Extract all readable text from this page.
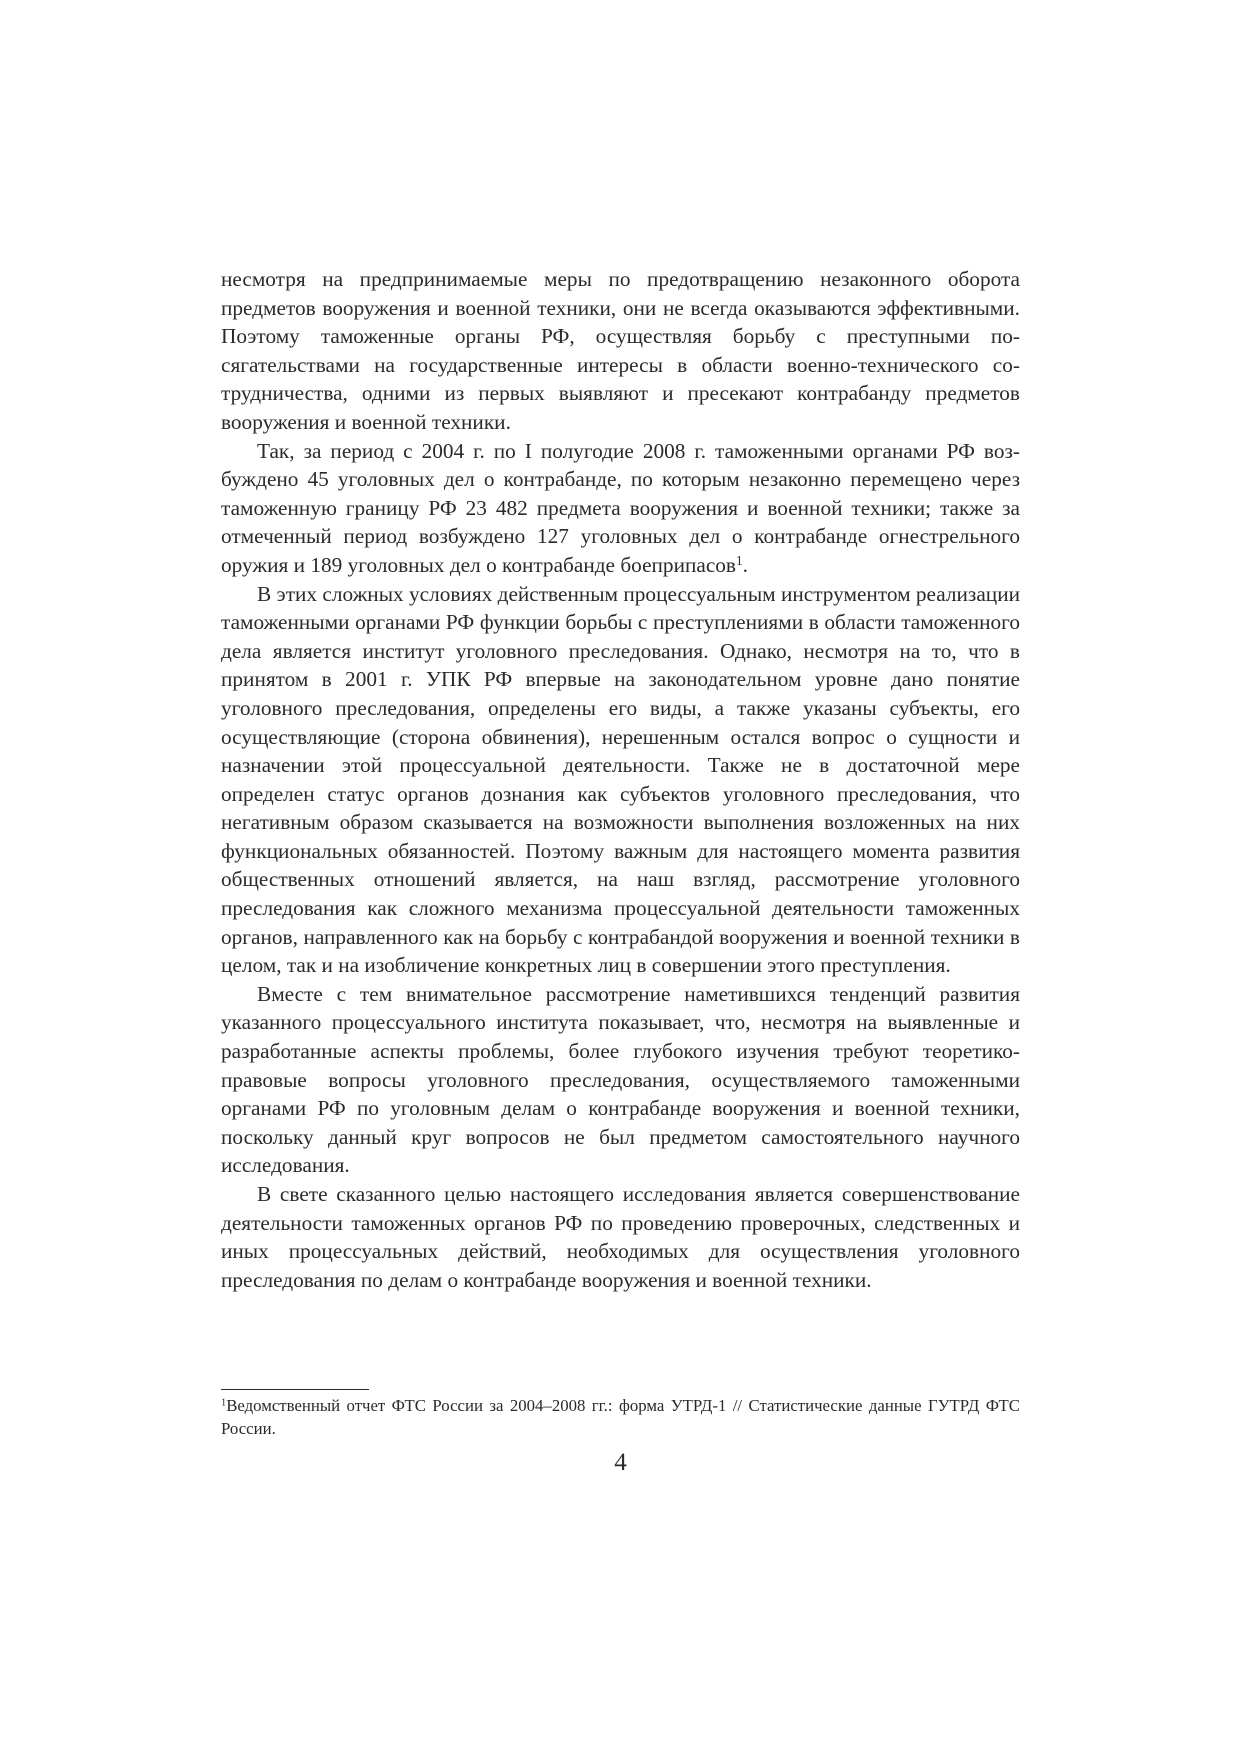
несмотря на предпринимаемые меры по предотвращению незаконного оборота предметов вооружения и военной техники, они не всегда оказываются эффективными. Поэтому таможенные органы РФ, осуществляя борьбу с преступными посягательствами на государственные интересы в области военно-технического сотрудничества, одними из первых выявляют и пресекают контрабанду предметов вооружения и военной техники.

Так, за период с 2004 г. по I полугодие 2008 г. таможенными органами РФ возбуждено 45 уголовных дел о контрабанде, по которым незаконно перемещено через таможенную границу РФ 23 482 предмета вооружения и военной техники; также за отмеченный период возбуждено 127 уголовных дел о контрабанде огнестрельного оружия и 189 уголовных дел о контрабанде боеприпасов$^1$.

В этих сложных условиях действенным процессуальным инструментом реализации таможенными органами РФ функции борьбы с преступлениями в области таможенного дела является институт уголовного преследования. Однако, несмотря на то, что в принятом в 2001 г. УПК РФ впервые на законодательном уровне дано понятие уголовного преследования, определены его виды, а также указаны субъекты, его осуществляющие (сторона обвинения), нерешенным остался вопрос о сущности и назначении этой процессуальной деятельности. Также не в достаточной мере определен статус органов дознания как субъектов уголовного преследования, что негативным образом сказывается на возможности выполнения возложенных на них функциональных обязанностей. Поэтому важным для настоящего момента развития общественных отношений является, на наш взгляд, рассмотрение уголовного преследования как сложного механизма процессуальной деятельности таможенных органов, направленного как на борьбу с контрабандой вооружения и военной техники в целом, так и на изобличение конкретных лиц в совершении этого преступления.

Вместе с тем внимательное рассмотрение наметившихся тенденций развития указанного процессуального института показывает, что, несмотря на выявленные и разработанные аспекты проблемы, более глубокого изучения требуют теоретико-правовые вопросы уголовного преследования, осуществляемого таможенными органами РФ по уголовным делам о контрабанде вооружения и военной техники, поскольку данный круг вопросов не был предметом самостоятельного научного исследования.

В свете сказанного целью настоящего исследования является совершенствование деятельности таможенных органов РФ по проведению проверочных, следственных и иных процессуальных действий, необходимых для осуществления уголовного преследования по делам о контрабанде вооружения и военной техники.

$^1$Ведомственный отчет ФТС России за 2004–2008 гг.: форма УТРД-1 // Статистические данные ГУТРД ФТС России.
4
